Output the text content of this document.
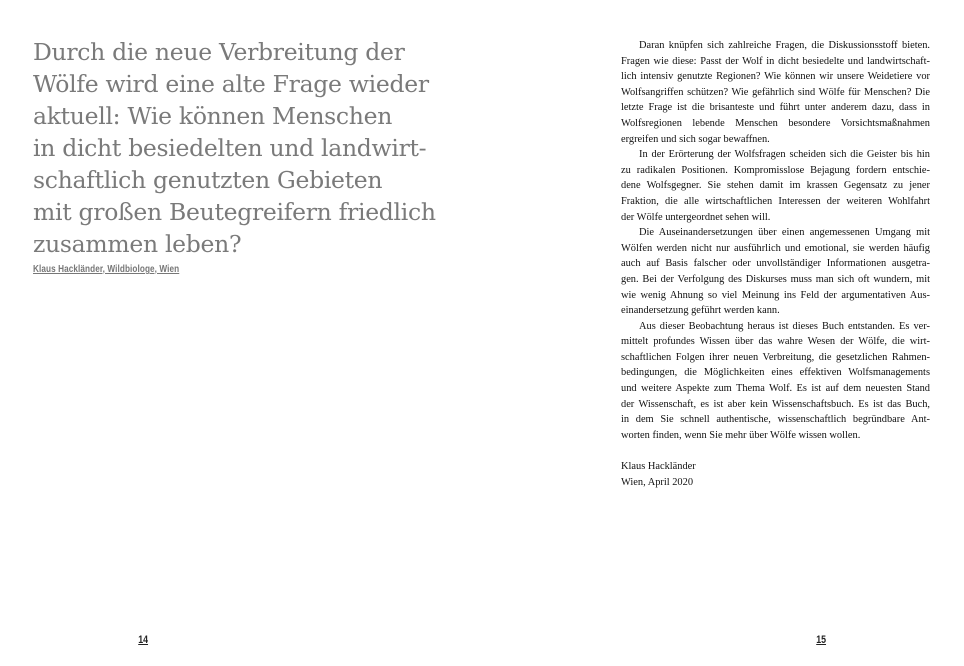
Durch die neue Verbreitung der
Wölfe wird eine alte Frage wieder
aktuell: Wie können Menschen
in dicht besiedelten und landwirt-
schaftlich genutzten Gebieten
mit großen Beutegreifern friedlich
zusammen leben?
Klaus Hackländer, Wildbiologe, Wien
14
Daran knüpfen sich zahlreiche Fragen, die Diskussionsstoff bieten.
Fragen wie diese: Passt der Wolf in dicht besiedelte und landwirtschaft-
lich intensiv genutzte Regionen? Wie können wir unsere Weidetiere vor
Wolfsangriffen schützen? Wie gefährlich sind Wölfe für Menschen? Die
letzte Frage ist die brisanteste und führt unter anderem dazu, dass in
Wolfsregionen lebende Menschen besondere Vorsichtsmaßnahmen
ergreifen und sich sogar bewaffnen.
In der Erörterung der Wolfsfragen scheiden sich die Geister bis hin
zu radikalen Positionen. Kompromisslose Bejagung fordern entschie-
dene Wolfsgegner. Sie stehen damit im krassen Gegensatz zu jener
Fraktion, die alle wirtschaftlichen Interessen der weiteren Wohlfahrt
der Wölfe untergeordnet sehen will.
Die Auseinandersetzungen über einen angemessenen Umgang mit
Wölfen werden nicht nur ausführlich und emotional, sie werden häufig
auch auf Basis falscher oder unvollständiger Informationen ausgetra-
gen. Bei der Verfolgung des Diskurses muss man sich oft wundern, mit
wie wenig Ahnung so viel Meinung ins Feld der argumentativen Aus-
einandersetzung geführt werden kann.
Aus dieser Beobachtung heraus ist dieses Buch entstanden. Es ver-
mittelt profundes Wissen über das wahre Wesen der Wölfe, die wirt-
schaftlichen Folgen ihrer neuen Verbreitung, die gesetzlichen Rahmen-
bedingungen, die Möglichkeiten eines effektiven Wolfsmanagements
und weitere Aspekte zum Thema Wolf. Es ist auf dem neuesten Stand
der Wissenschaft, es ist aber kein Wissenschaftsbuch. Es ist das Buch,
in dem Sie schnell authentische, wissenschaftlich begründbare Ant-
worten finden, wenn Sie mehr über Wölfe wissen wollen.
Klaus Hackländer
Wien, April 2020
15
